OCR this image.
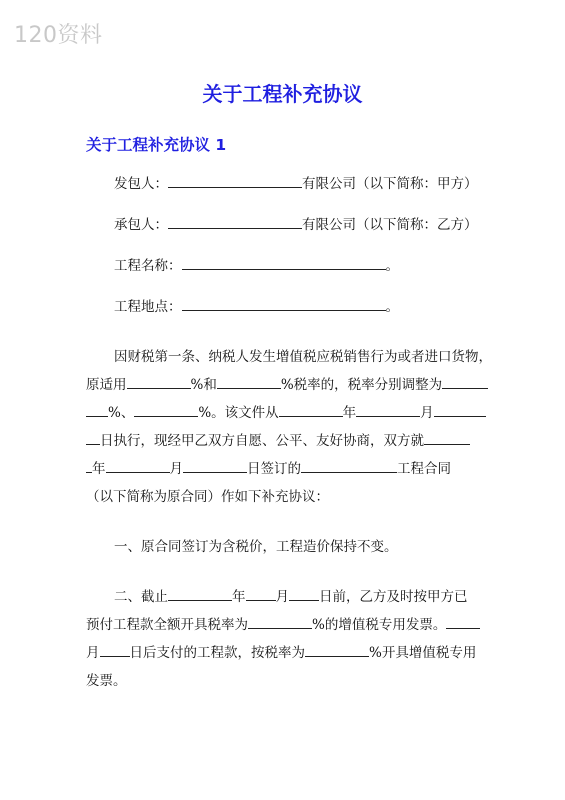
120资料
关于工程补充协议
关于工程补充协议 1
发包人：	有限公司（以下简称：甲方）
承包人：	有限公司（以下简称：乙方）
工程名称：	。
工程地点：	。
因财税第一条、纳税人发生增值税应税销售行为或者进口货物，
原适用	%和	%税率的，税率分别调整为
%、	%。该文件从	年	月
日执行，现经甲乙双方自愿、公平、友好协商，双方就
年	月	日签订的	工程合同
（以下简称为原合同）作如下补充协议：
一、原合同签订为含税价，工程造价保持不变。
二、截止	年 月 日前，乙方及时按甲方已
预付工程款全额开具税率为	%的增值税专用发票。
月 日后支付的工程款，按税率为	%开具增值税专用
发票。
